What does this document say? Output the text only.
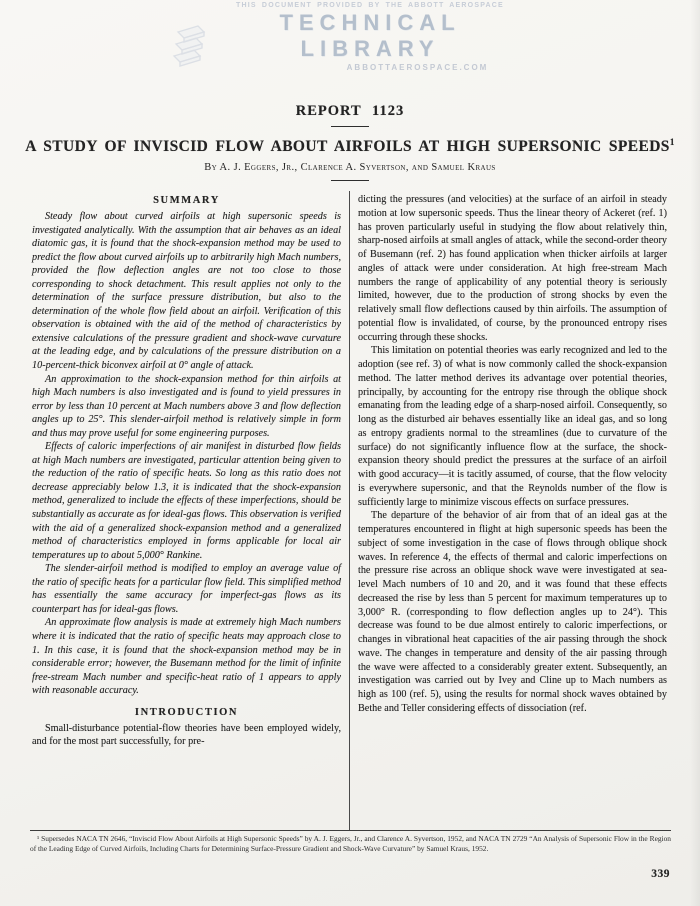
THIS DOCUMENT PROVIDED BY THE ABBOTT AEROSPACE
TECHNICAL LIBRARY
ABBOTTAEROSPACE.COM
REPORT 1123
A STUDY OF INVISCID FLOW ABOUT AIRFOILS AT HIGH SUPERSONIC SPEEDS$^1$
By A. J. Eggers, Jr., Clarence A. Syvertson, and Samuel Kraus
SUMMARY

Steady flow about curved airfoils at high supersonic speeds is investigated analytically. With the assumption that air behaves as an ideal diatomic gas, it is found that the shock-expansion method may be used to predict the flow about curved airfoils up to arbitrarily high Mach numbers, provided the flow deflection angles are not too close to those corresponding to shock detachment. This result applies not only to the determination of the surface pressure distribution, but also to the determination of the whole flow field about an airfoil. Verification of this observation is obtained with the aid of the method of characteristics by extensive calculations of the pressure gradient and shock-wave curvature at the leading edge, and by calculations of the pressure distribution on a 10-percent-thick biconvex airfoil at 0° angle of attack.

An approximation to the shock-expansion method for thin airfoils at high Mach numbers is also investigated and is found to yield pressures in error by less than 10 percent at Mach numbers above 3 and flow deflection angles up to 25°. This slender-airfoil method is relatively simple in form and thus may prove useful for some engineering purposes.

Effects of caloric imperfections of air manifest in disturbed flow fields at high Mach numbers are investigated, particular attention being given to the reduction of the ratio of specific heats. So long as this ratio does not decrease appreciably below 1.3, it is indicated that the shock-expansion method, generalized to include the effects of these imperfections, should be substantially as accurate as for ideal-gas flows. This observation is verified with the aid of a generalized shock-expansion method and a generalized method of characteristics employed in forms applicable for local air temperatures up to about 5,000° Rankine.

The slender-airfoil method is modified to employ an average value of the ratio of specific heats for a particular flow field. This simplified method has essentially the same accuracy for imperfect-gas flows as its counterpart has for ideal-gas flows.

An approximate flow analysis is made at extremely high Mach numbers where it is indicated that the ratio of specific heats may approach close to 1. In this case, it is found that the shock-expansion method may be in considerable error; however, the Busemann method for the limit of infinite free-stream Mach number and specific-heat ratio of 1 appears to apply with reasonable accuracy.

INTRODUCTION

Small-disturbance potential-flow theories have been employed widely, and for the most part successfully, for pre-

dicting the pressures (and velocities) at the surface of an airfoil in steady motion at low supersonic speeds. Thus the linear theory of Ackeret (ref. 1) has proven particularly useful in studying the flow about relatively thin, sharp-nosed airfoils at small angles of attack, while the second-order theory of Busemann (ref. 2) has found application when thicker airfoils at larger angles of attack were under consideration. At high free-stream Mach numbers the range of applicability of any potential theory is seriously limited, however, due to the production of strong shocks by even the relatively small flow deflections caused by thin airfoils. The assumption of potential flow is invalidated, of course, by the pronounced entropy rises occurring through these shocks.

This limitation on potential theories was early recognized and led to the adoption (see ref. 3) of what is now commonly called the shock-expansion method. The latter method derives its advantage over potential theories, principally, by accounting for the entropy rise through the oblique shock emanating from the leading edge of a sharp-nosed airfoil. Consequently, so long as the disturbed air behaves essentially like an ideal gas, and so long as entropy gradients normal to the streamlines (due to curvature of the surface) do not significantly influence flow at the surface, the shock-expansion theory should predict the pressures at the surface of an airfoil with good accuracy—it is tacitly assumed, of course, that the flow velocity is everywhere supersonic, and that the Reynolds number of the flow is sufficiently large to minimize viscous effects on surface pressures.

The departure of the behavior of air from that of an ideal gas at the temperatures encountered in flight at high supersonic speeds has been the subject of some investigation in the case of flows through oblique shock waves. In reference 4, the effects of thermal and caloric imperfections on the pressure rise across an oblique shock wave were investigated at sea-level Mach numbers of 10 and 20, and it was found that these effects decreased the rise by less than 5 percent for maximum temperatures up to 3,000° R. (corresponding to flow deflection angles up to 24°). This decrease was found to be due almost entirely to caloric imperfections, or changes in vibrational heat capacities of the air passing through the shock wave. The changes in temperature and density of the air passing through the wave were affected to a considerably greater extent. Subsequently, an investigation was carried out by Ivey and Cline up to Mach numbers as high as 100 (ref. 5), using the results for normal shock waves obtained by Bethe and Teller considering effects of dissociation (ref.

¹ Supersedes NACA TN 2646, “Inviscid Flow About Airfoils at High Supersonic Speeds” by A. J. Eggers, Jr., and Clarence A. Syvertson, 1952, and NACA TN 2729 “An Analysis of Supersonic Flow in the Region of the Leading Edge of Curved Airfoils, Including Charts for Determining Surface-Pressure Gradient and Shock-Wave Curvature” by Samuel Kraus, 1952.

339
